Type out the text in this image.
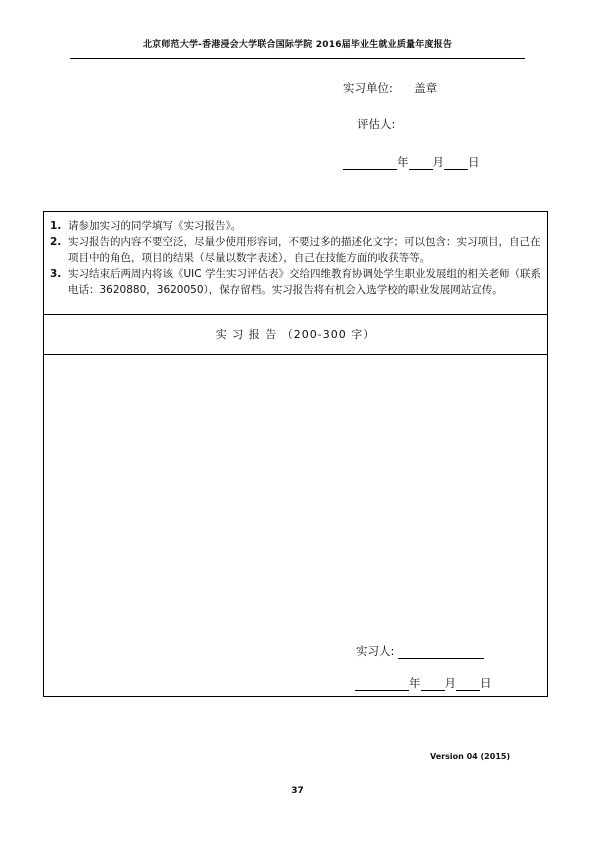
北京师范大学-香港浸会大学联合国际学院 2016届毕业生就业质量年度报告
实习单位: 盖章
评估人:
年 月 日
1. 请参加实习的同学填写《实习报告》。
2. 实习报告的内容不要空泛，尽量少使用形容词，不要过多的描述化文字；可以包含：实习项目，自己在项目中的角色，项目的结果（尽量以数字表述），自己在技能方面的收获等等。
3. 实习结束后两周内将该《UIC 学生实习评估表》交给四维教育协调处学生职业发展组的相关老师（联系电话：3620880，3620050），保存留档。实习报告将有机会入选学校的职业发展网站宣传。
实 习 报 告 （200-300 字）
实习人:
年 月 日
Version 04 (2015)
37
